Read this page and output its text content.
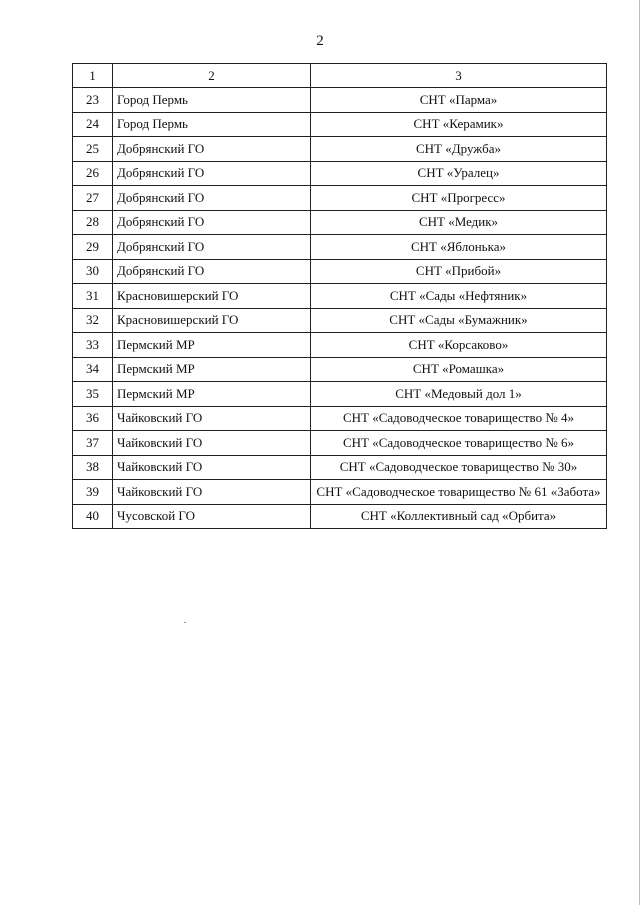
2
1	2	3
23	Город Пермь	СНТ «Парма»
24	Город Пермь	СНТ «Керамик»
25	Добрянский ГО	СНТ «Дружба»
26	Добрянский ГО	СНТ «Уралец»
27	Добрянский ГО	СНТ «Прогресс»
28	Добрянский ГО	СНТ «Медик»
29	Добрянский ГО	СНТ «Яблонька»
30	Добрянский ГО	СНТ «Прибой»
31	Красновишерский ГО	СНТ «Сады «Нефтяник»
32	Красновишерский ГО	СНТ «Сады «Бумажник»
33	Пермский МР	СНТ «Корсаково»
34	Пермский МР	СНТ «Ромашка»
35	Пермский МР	СНТ «Медовый дол 1»
36	Чайковский ГО	СНТ «Садоводческое товарищество № 4»
37	Чайковский ГО	СНТ «Садоводческое товарищество № 6»
38	Чайковский ГО	СНТ «Садоводческое товарищество № 30»
39	Чайковский ГО	СНТ «Садоводческое товарищество № 61 «Забота»
40	Чусовской ГО	СНТ «Коллективный сад «Орбита»
